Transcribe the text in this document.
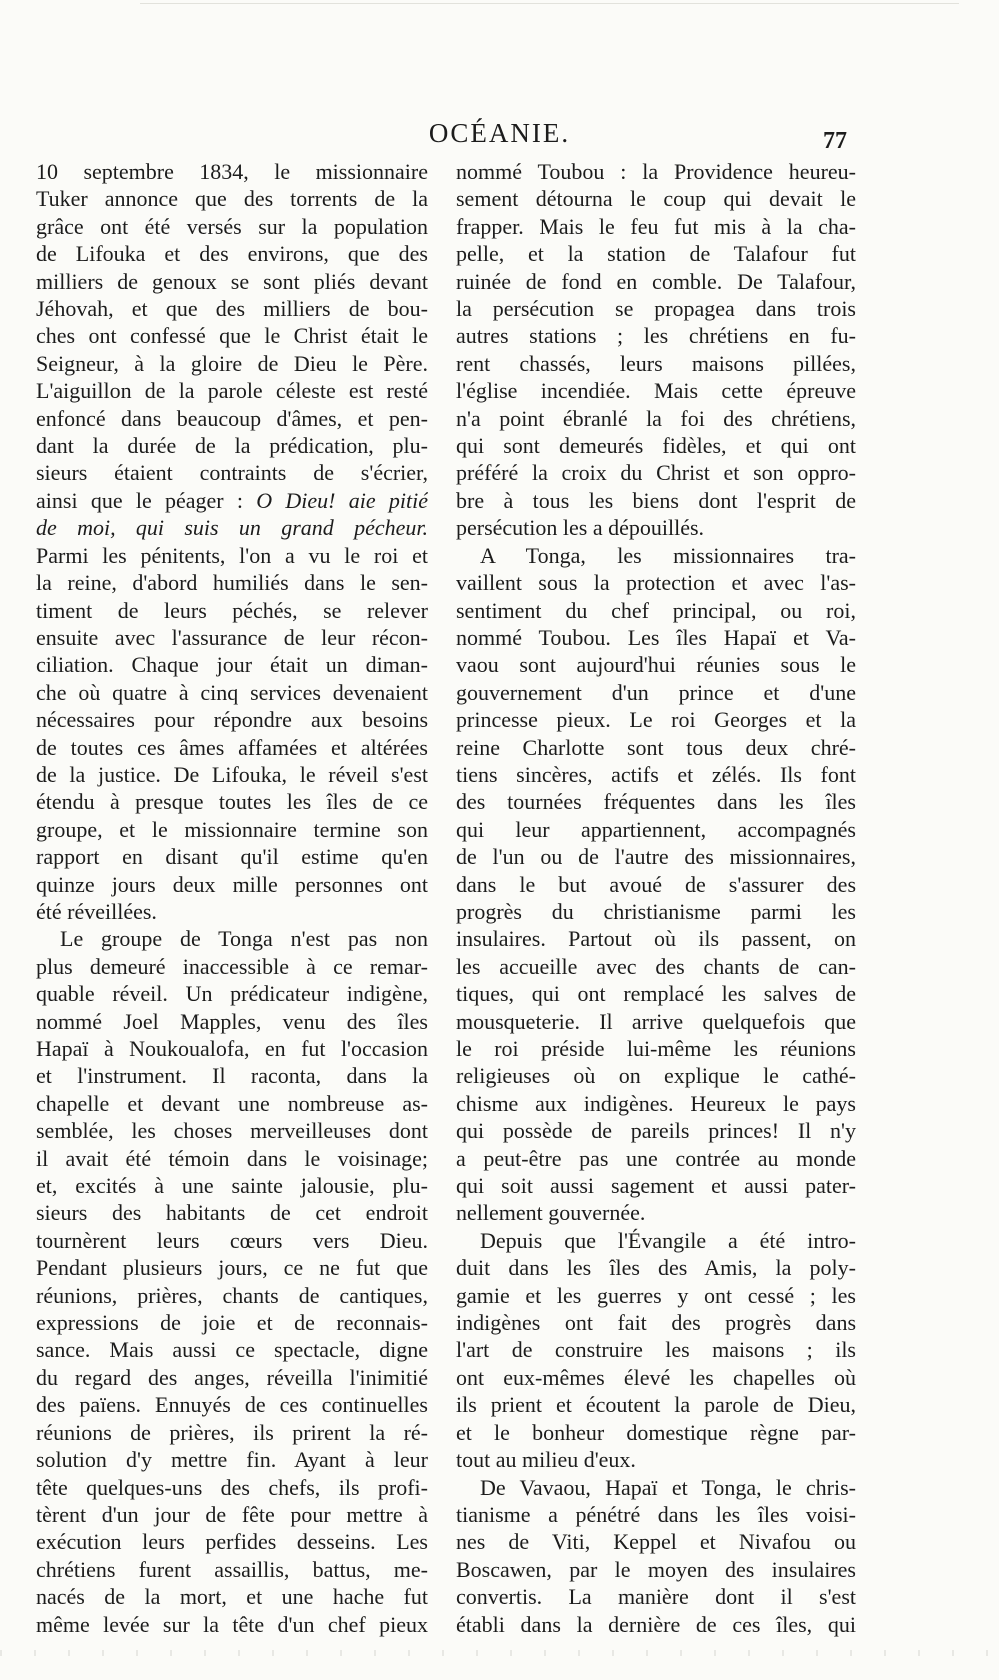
OCÉANIE.	77
10 septembre 1834, le missionnaire
Tuker annonce que des torrents de la
grâce ont été versés sur la population
de Lifouka et des environs, que des
milliers de genoux se sont pliés devant
Jéhovah, et que des milliers de bou-
ches ont confessé que le Christ était le
Seigneur, à la gloire de Dieu le Père.
L'aiguillon de la parole céleste est resté
enfoncé dans beaucoup d'âmes, et pen-
dant la durée de la prédication, plu-
sieurs étaient contraints de s'écrier,
ainsi que le péager : O Dieu! aie pitié
de moi, qui suis un grand pécheur.
Parmi les pénitents, l'on a vu le roi et
la reine, d'abord humiliés dans le sen-
timent de leurs péchés, se relever
ensuite avec l'assurance de leur récon-
ciliation. Chaque jour était un diman-
che où quatre à cinq services devenaient
nécessaires pour répondre aux besoins
de toutes ces âmes affamées et altérées
de la justice. De Lifouka, le réveil s'est
étendu à presque toutes les îles de ce
groupe, et le missionnaire termine son
rapport en disant qu'il estime qu'en
quinze jours deux mille personnes ont
été réveillées.
Le groupe de Tonga n'est pas non
plus demeuré inaccessible à ce remar-
quable réveil. Un prédicateur indigène,
nommé Joel Mapples, venu des îles
Hapaï à Noukoualofa, en fut l'occasion
et l'instrument. Il raconta, dans la
chapelle et devant une nombreuse as-
semblée, les choses merveilleuses dont
il avait été témoin dans le voisinage;
et, excités à une sainte jalousie, plu-
sieurs des habitants de cet endroit
tournèrent leurs cœurs vers Dieu.
Pendant plusieurs jours, ce ne fut que
réunions, prières, chants de cantiques,
expressions de joie et de reconnais-
sance. Mais aussi ce spectacle, digne
du regard des anges, réveilla l'inimitié
des païens. Ennuyés de ces continuelles
réunions de prières, ils prirent la ré-
solution d'y mettre fin. Ayant à leur
tête quelques-uns des chefs, ils profi-
tèrent d'un jour de fête pour mettre à
exécution leurs perfides desseins. Les
chrétiens furent assaillis, battus, me-
nacés de la mort, et une hache fut
même levée sur la tête d'un chef pieux
nommé Toubou : la Providence heureu-
sement détourna le coup qui devait le
frapper. Mais le feu fut mis à la cha-
pelle, et la station de Talafour fut
ruinée de fond en comble. De Talafour,
la persécution se propagea dans trois
autres stations ; les chrétiens en fu-
rent chassés, leurs maisons pillées,
l'église incendiée. Mais cette épreuve
n'a point ébranlé la foi des chrétiens,
qui sont demeurés fidèles, et qui ont
préféré la croix du Christ et son oppro-
bre à tous les biens dont l'esprit de
persécution les a dépouillés.
A Tonga, les missionnaires tra-
vaillent sous la protection et avec l'as-
sentiment du chef principal, ou roi,
nommé Toubou. Les îles Hapaï et Va-
vaou sont aujourd'hui réunies sous le
gouvernement d'un prince et d'une
princesse pieux. Le roi Georges et la
reine Charlotte sont tous deux chré-
tiens sincères, actifs et zélés. Ils font
des tournées fréquentes dans les îles
qui leur appartiennent, accompagnés
de l'un ou de l'autre des missionnaires,
dans le but avoué de s'assurer des
progrès du christianisme parmi les
insulaires. Partout où ils passent, on
les accueille avec des chants de can-
tiques, qui ont remplacé les salves de
mousqueterie. Il arrive quelquefois que
le roi préside lui-même les réunions
religieuses où on explique le cathé-
chisme aux indigènes. Heureux le pays
qui possède de pareils princes! Il n'y
a peut-être pas une contrée au monde
qui soit aussi sagement et aussi pater-
nellement gouvernée.
Depuis que l'Évangile a été intro-
duit dans les îles des Amis, la poly-
gamie et les guerres y ont cessé ; les
indigènes ont fait des progrès dans
l'art de construire les maisons ; ils
ont eux-mêmes élevé les chapelles où
ils prient et écoutent la parole de Dieu,
et le bonheur domestique règne par-
tout au milieu d'eux.
De Vavaou, Hapaï et Tonga, le chris-
tianisme a pénétré dans les îles voisi-
nes de Viti, Keppel et Nivafou ou
Boscawen, par le moyen des insulaires
convertis. La manière dont il s'est
établi dans la dernière de ces îles, qui
